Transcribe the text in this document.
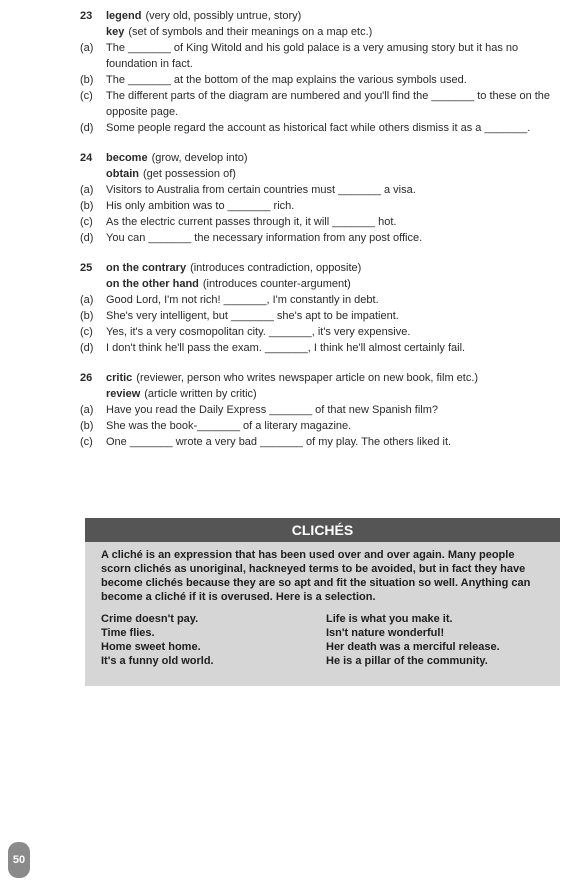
23	legend (very old, possibly untrue, story)
key (set of symbols and their meanings on a map etc.)
(a)	The _______ of King Witold and his gold palace is a very amusing story but it has no foundation in fact.
(b)	The _______ at the bottom of the map explains the various symbols used.
(c)	The different parts of the diagram are numbered and you'll find the _______ to these on the opposite page.
(d)	Some people regard the account as historical fact while others dismiss it as a _______.
24	become (grow, develop into)
obtain (get possession of)
(a)	Visitors to Australia from certain countries must _______ a visa.
(b)	His only ambition was to _______ rich.
(c)	As the electric current passes through it, it will _______ hot.
(d)	You can _______ the necessary information from any post office.
25	on the contrary (introduces contradiction, opposite)
on the other hand (introduces counter-argument)
(a)	Good Lord, I'm not rich! _______, I'm constantly in debt.
(b)	She's very intelligent, but _______ she's apt to be impatient.
(c)	Yes, it's a very cosmopolitan city. _______, it's very expensive.
(d)	I don't think he'll pass the exam. _______, I think he'll almost certainly fail.
26	critic (reviewer, person who writes newspaper article on new book, film etc.)
review (article written by critic)
(a)	Have you read the Daily Express _______ of that new Spanish film?
(b)	She was the book-_______ of a literary magazine.
(c)	One _______ wrote a very bad _______ of my play. The others liked it.
CLICHÉS
A cliché is an expression that has been used over and over again. Many people scorn clichés as unoriginal, hackneyed terms to be avoided, but in fact they have become clichés because they are so apt and fit the situation so well. Anything can become a cliché if it is overused. Here is a selection.
Crime doesn't pay.	Life is what you make it.
Time flies.	Isn't nature wonderful!
Home sweet home.	Her death was a merciful release.
It's a funny old world.	He is a pillar of the community.
50
